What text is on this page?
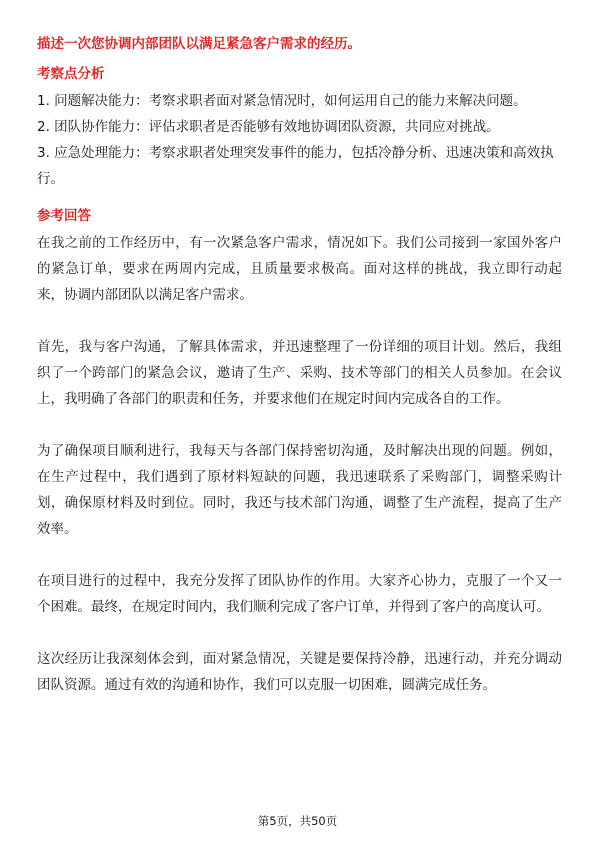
描述一次您协调内部团队以满足紧急客户需求的经历。
考察点分析
1. 问题解决能力：考察求职者面对紧急情况时，如何运用自己的能力来解决问题。
2. 团队协作能力：评估求职者是否能够有效地协调团队资源，共同应对挑战。
3. 应急处理能力：考察求职者处理突发事件的能力，包括冷静分析、迅速决策和高效执行。
参考回答
在我之前的工作经历中，有一次紧急客户需求，情况如下。我们公司接到一家国外客户的紧急订单，要求在两周内完成，且质量要求极高。面对这样的挑战，我立即行动起来，协调内部团队以满足客户需求。
首先，我与客户沟通，了解具体需求，并迅速整理了一份详细的项目计划。然后，我组织了一个跨部门的紧急会议，邀请了生产、采购、技术等部门的相关人员参加。在会议上，我明确了各部门的职责和任务，并要求他们在规定时间内完成各自的工作。
为了确保项目顺利进行，我每天与各部门保持密切沟通，及时解决出现的问题。例如，在生产过程中，我们遇到了原材料短缺的问题，我迅速联系了采购部门，调整采购计划，确保原材料及时到位。同时，我还与技术部门沟通，调整了生产流程，提高了生产效率。
在项目进行的过程中，我充分发挥了团队协作的作用。大家齐心协力，克服了一个又一个困难。最终，在规定时间内，我们顺利完成了客户订单，并得到了客户的高度认可。
这次经历让我深刻体会到，面对紧急情况，关键是要保持冷静，迅速行动，并充分调动团队资源。通过有效的沟通和协作，我们可以克服一切困难，圆满完成任务。
第5页，共50页
